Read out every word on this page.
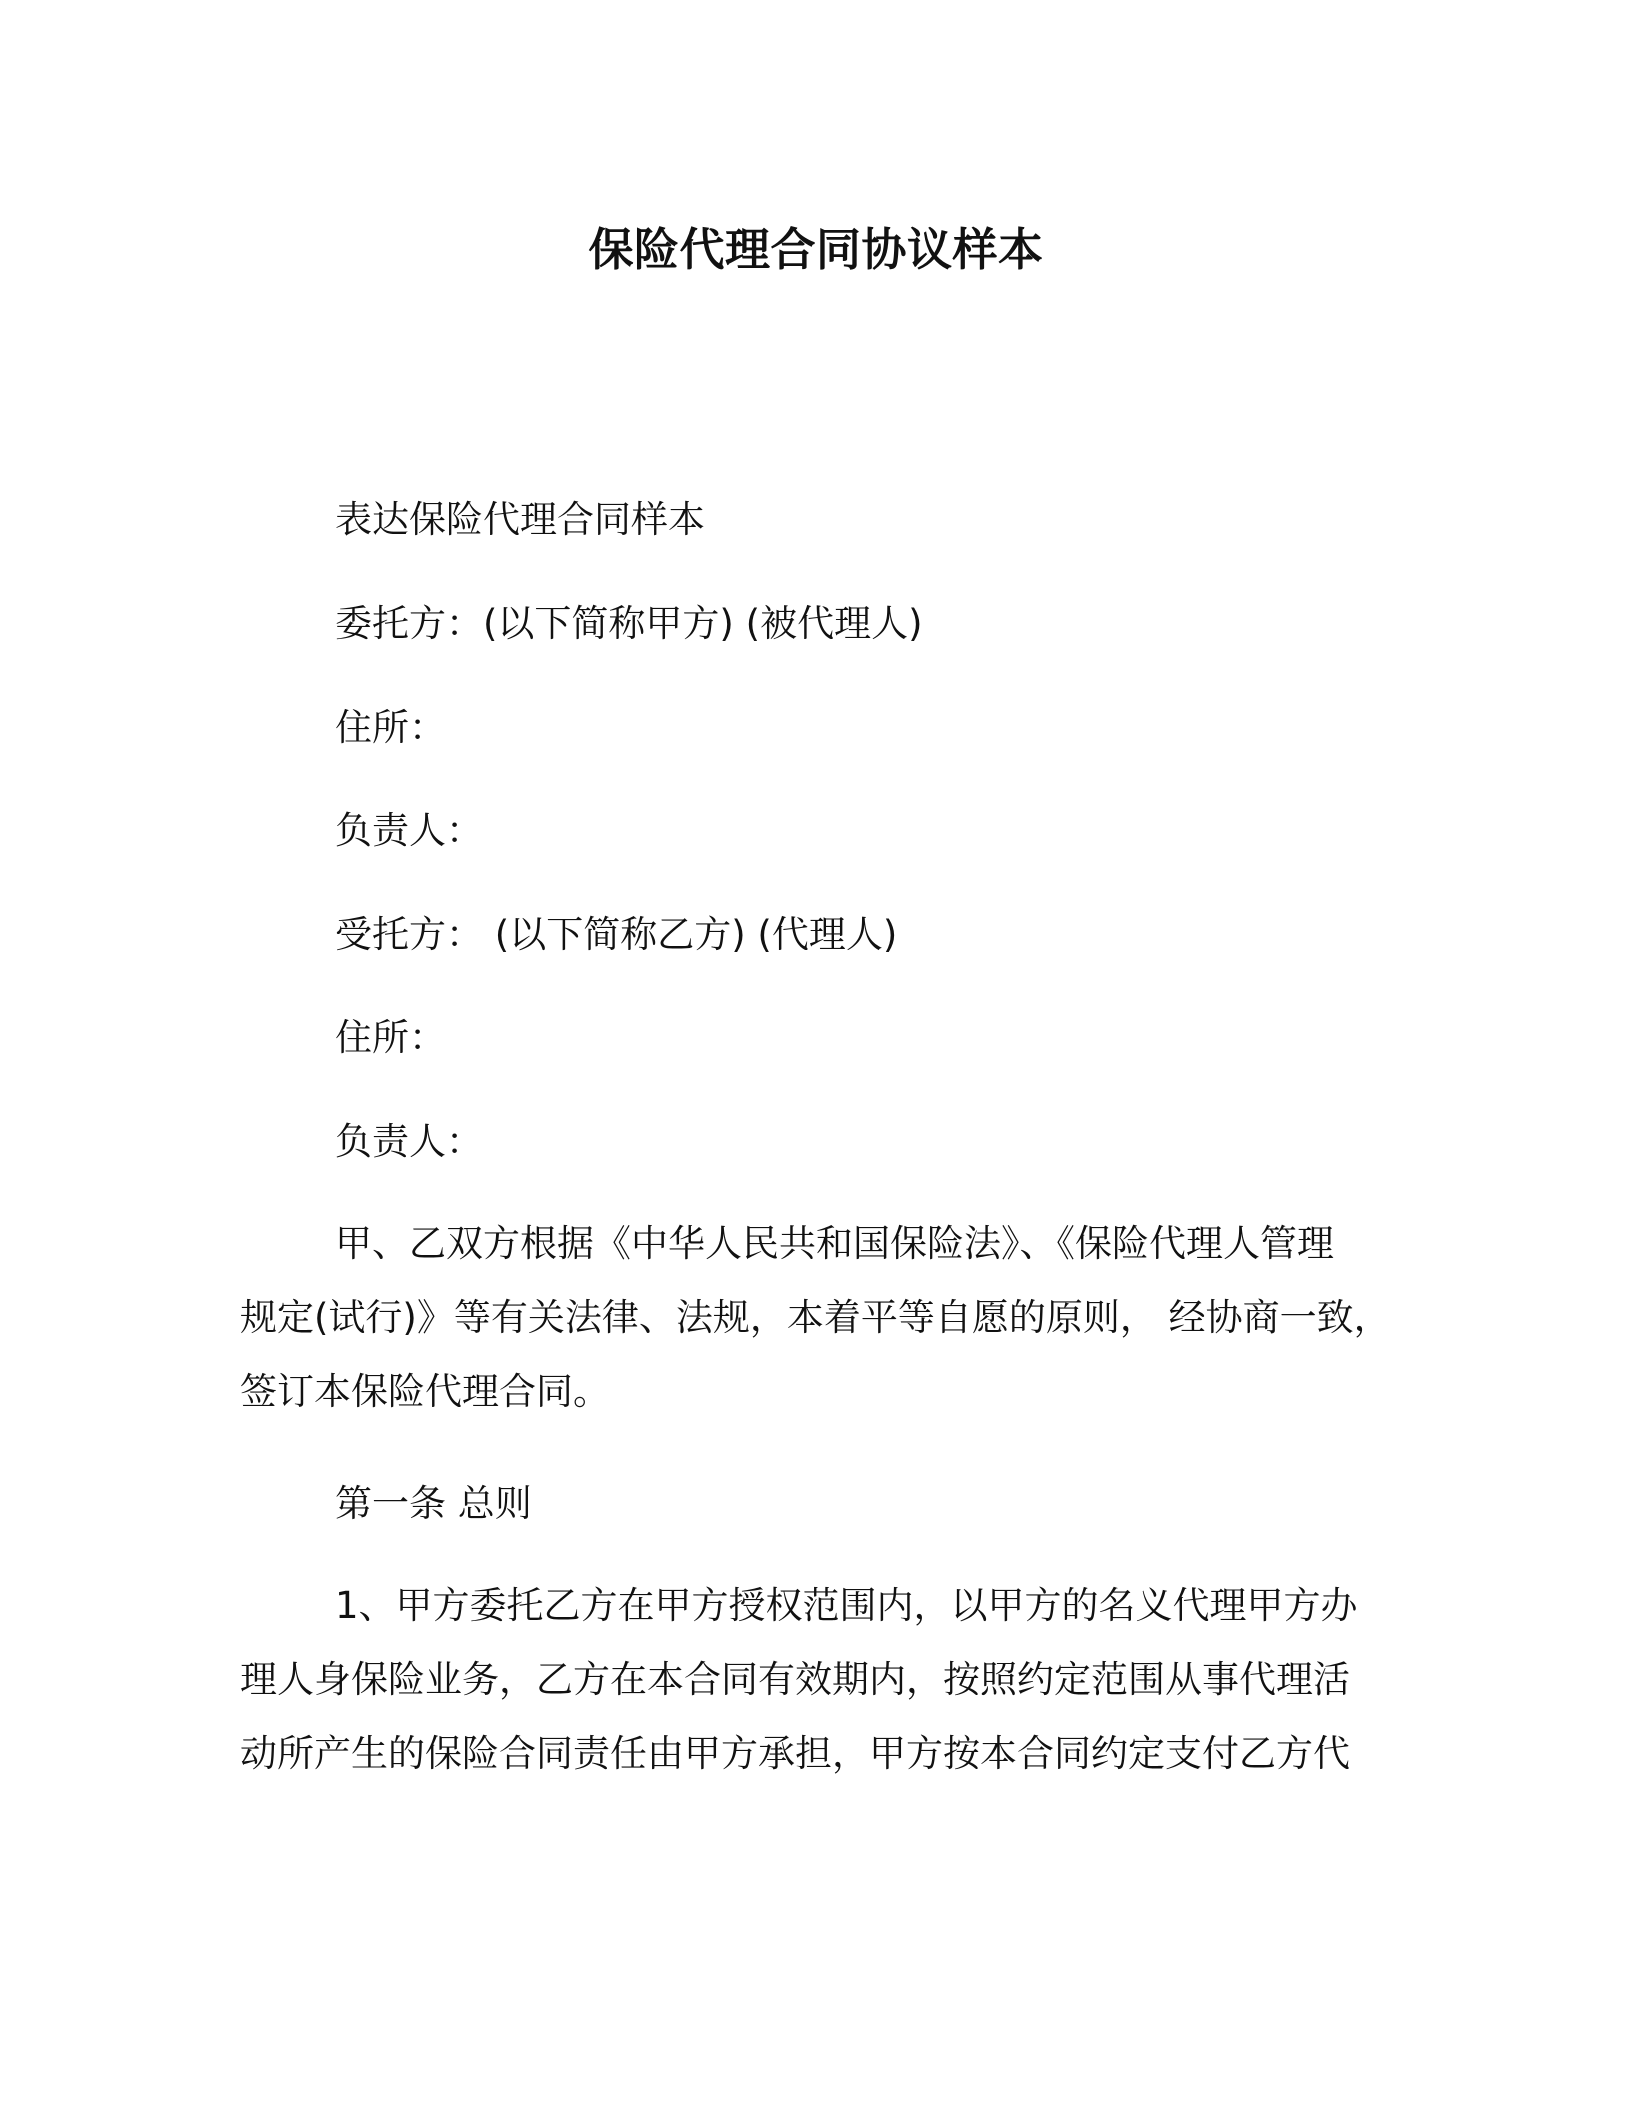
保险代理合同协议样本

表达保险代理合同样本

委托方：(以下简称甲方) (被代理人)

住所：

负责人：

受托方： (以下简称乙方) (代理人)

住所：

负责人：

甲、乙双方根据《中华人民共和国保险法》、《保险代理人管理
规定(试行)》等有关法律、法规，本着平等自愿的原则， 经协商一致，
签订本保险代理合同。

第一条 总则

1、甲方委托乙方在甲方授权范围内，以甲方的名义代理甲方办
理人身保险业务，乙方在本合同有效期内，按照约定范围从事代理活
动所产生的保险合同责任由甲方承担，甲方按本合同约定支付乙方代
